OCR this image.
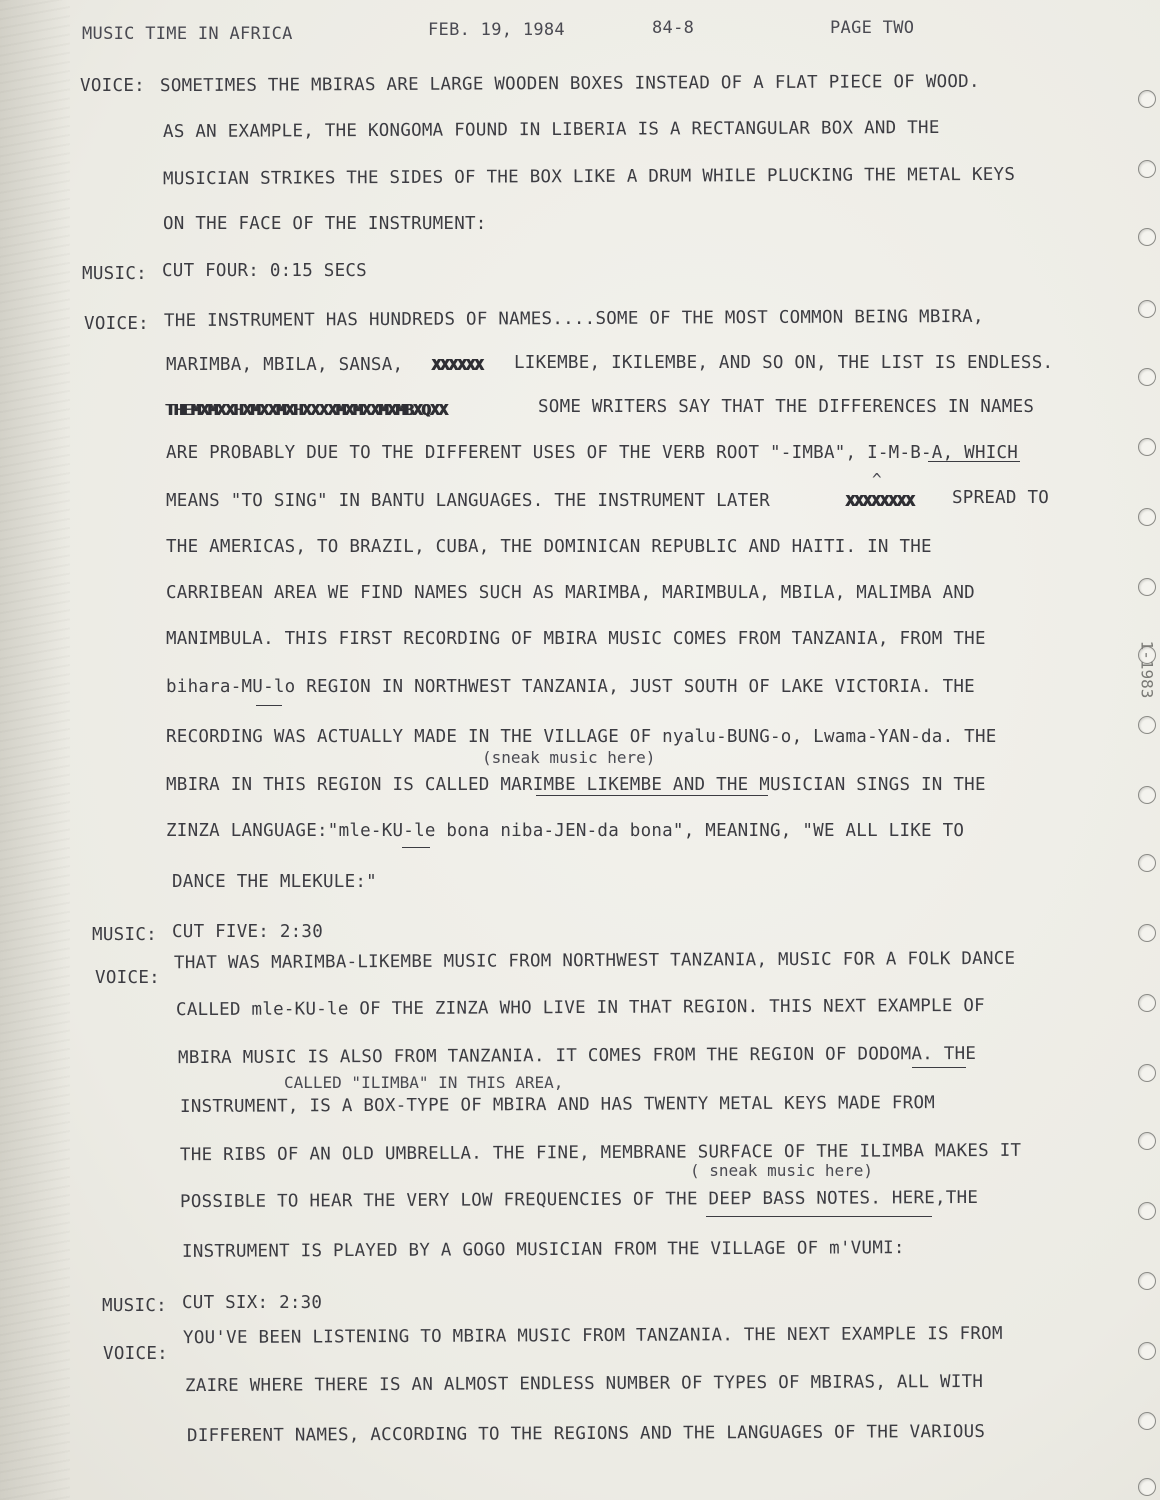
MUSIC TIME IN AFRICA	FEB. 19, 1984	84-8	PAGE TWO
VOICE: SOMETIMES THE MBIRAS ARE LARGE WOODEN BOXES INSTEAD OF A FLAT PIECE OF WOOD.
AS AN EXAMPLE, THE KONGOMA FOUND IN LIBERIA IS A RECTANGULAR BOX AND THE
MUSICIAN STRIKES THE SIDES OF THE BOX LIKE A DRUM WHILE PLUCKING THE METAL KEYS
ON THE FACE OF THE INSTRUMENT:
MUSIC: CUT FOUR: 0:15 SECS
VOICE: THE INSTRUMENT HAS HUNDREDS OF NAMES....SOME OF THE MOST COMMON BEING MBIRA,
MARIMBA, MBILA, SANSA, XXXXXX LIKEMBE, IKILEMBE, AND SO ON, THE LIST IS ENDLESS.
THEMXMXXHXMXXMXHXXXXMXMXXMXMBXQXX	SOME WRITERS SAY THAT THE DIFFERENCES IN NAMES
ARE PROBABLY DUE TO THE DIFFERENT USES OF THE VERB ROOT "-IMBA", I-M-B-A, WHICH
MEANS "TO SING" IN BANTU LANGUAGES. THE INSTRUMENT LATER
^
XXXXXXXX SPREAD TO
THE AMERICAS, TO BRAZIL, CUBA, THE DOMINICAN REPUBLIC AND HAITI. IN THE
CARRIBEAN AREA WE FIND NAMES SUCH AS MARIMBA, MARIMBULA, MBILA, MALIMBA AND
MANIMBULA. THIS FIRST RECORDING OF MBIRA MUSIC COMES FROM TANZANIA, FROM THE
bihara-MU-lo REGION IN NORTHWEST TANZANIA, JUST SOUTH OF LAKE VICTORIA. THE
RECORDING WAS ACTUALLY MADE IN THE VILLAGE OF nyalu-BUNG-o, Lwama-YAN-da. THE
(sneak music here)
MBIRA IN THIS REGION IS CALLED MARIMBE LIKEMBE AND THE MUSICIAN SINGS IN THE
ZINZA LANGUAGE:"mle-KU-le bona niba-JEN-da bona", MEANING, "WE ALL LIKE TO
DANCE THE MLEKULE:"
MUSIC: CUT FIVE: 2:30
VOICE:
THAT WAS MARIMBA-LIKEMBE MUSIC FROM NORTHWEST TANZANIA, MUSIC FOR A FOLK DANCE
CALLED mle-KU-le OF THE ZINZA WHO LIVE IN THAT REGION. THIS NEXT EXAMPLE OF
MBIRA MUSIC IS ALSO FROM TANZANIA. IT COMES FROM THE REGION OF DODOMA. THE
CALLED "ILIMBA" IN THIS AREA,
INSTRUMENT, IS A BOX-TYPE OF MBIRA AND HAS TWENTY METAL KEYS MADE FROM
THE RIBS OF AN OLD UMBRELLA. THE FINE, MEMBRANE SURFACE OF THE ILIMBA MAKES IT
( sneak music here)
POSSIBLE TO HEAR THE VERY LOW FREQUENCIES OF THE DEEP BASS NOTES. HERE,THE
INSTRUMENT IS PLAYED BY A GOGO MUSICIAN FROM THE VILLAGE OF m'VUMI:
MUSIC: CUT SIX: 2:30
VOICE:
YOU'VE BEEN LISTENING TO MBIRA MUSIC FROM TANZANIA. THE NEXT EXAMPLE IS FROM
ZAIRE WHERE THERE IS AN ALMOST ENDLESS NUMBER OF TYPES OF MBIRAS, ALL WITH
DIFFERENT NAMES, ACCORDING TO THE REGIONS AND THE LANGUAGES OF THE VARIOUS
1-1983
